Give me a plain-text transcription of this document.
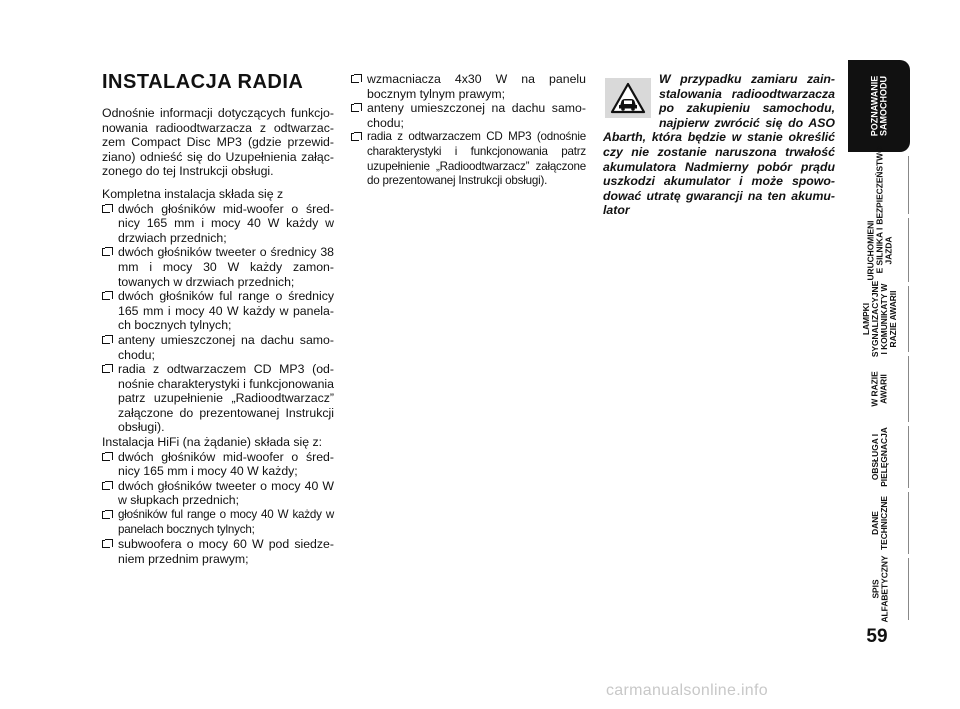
INSTALACJA RADIA

Odnośnie informacji dotyczących funkcjonowania radioodtwarzacza z odtwarzaczem Compact Disc MP3 (gdzie przewidziano) odnieść się do Uzupełnienia załączonego do tej Instrukcji obsługi.

Kompletna instalacja składa się z

dwóch głośników mid-woofer o średnicy 165 mm i mocy 40 W każdy w drzwiach przednich;
dwóch głośników tweeter o średnicy 38 mm i mocy 30 W każdy zamontowanych w drzwiach przednich;
dwóch głośników ful range o średnicy 165 mm i mocy 40 W każdy w panelach bocznych tylnych;
anteny umieszczonej na dachu samochodu;
radia z odtwarzaczem CD MP3 (odnośnie charakterystyki i funkcjonowania patrz uzupełnienie „Radioodtwarzacz” załączone do prezentowanej Instrukcji obsługi).

Instalacja HiFi (na żądanie) składa się z:

dwóch głośników mid-woofer o średnicy 165 mm i mocy 40 W każdy;
dwóch głośników tweeter o mocy 40 W w słupkach przednich;
głośników ful range o mocy 40 W każdy w panelach bocznych tylnych;
subwoofera o mocy 60 W pod siedzeniem przednim prawym;
wzmacniacza 4x30 W na panelu bocznym tylnym prawym;
anteny umieszczonej na dachu samochodu;
radia z odtwarzaczem CD MP3 (odnośnie charakterystyki i funkcjonowania patrz uzupełnienie „Radioodtwarzacz” załączone do prezentowanej Instrukcji obsługi).
W przypadku zamiaru zainstalowania radioodtwarzacza po zakupieniu samochodu, najpierw zwrócić się do ASO Abarth, która będzie w stanie określić czy nie zostanie naruszona trwałość akumulatora Nadmierny pobór prądu uszkodzi akumulator i może spowodować utratę gwarancji na ten akumulator
POZNAWANIE
SAMOCHODU
BEZPIECZEŃSTWO
URUCHOMIENI
E SILNIKA I
JAZDA
LAMPKI
SYGNALIZACYJNE
I KOMUNIKATY W
RAZIE AWARII
W RAZIE
AWARII
OBSŁUGA I
PIELĘGNACJA
DANE
TECHNICZNE
SPIS
ALFABETYCZNY
59
carmanualsonline.info
